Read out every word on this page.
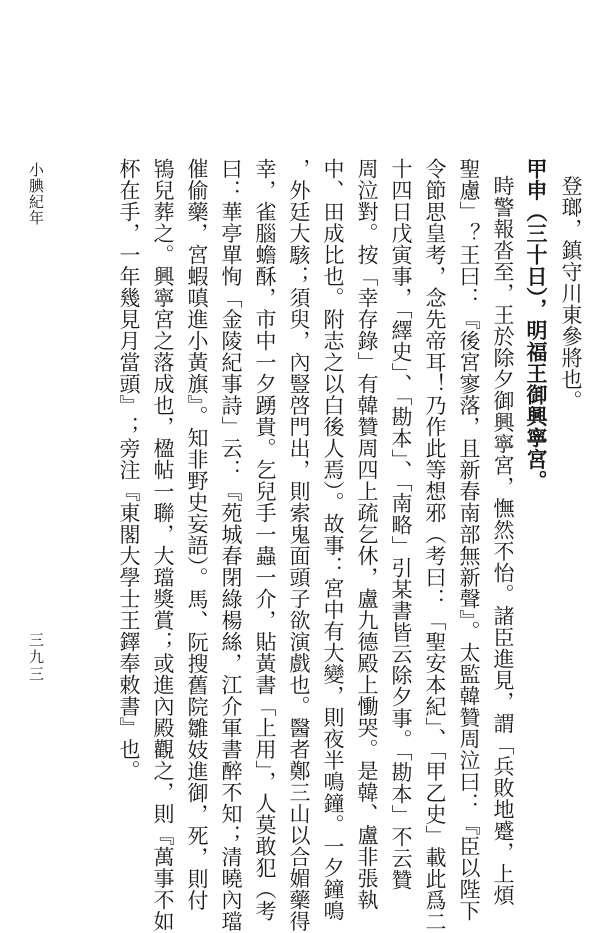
小腆紀年
三九三
登瑯，鎮守川東參將也。
甲申（三十日），明福王御興寧宮。
時警報沓至，王於除夕御興寧宮，憮然不怡。諸臣進見，謂「兵敗地蹙，上煩
聖慮」？王曰：『後宮寥落，且新春南部無新聲』。太監韓贊周泣曰：『臣以陛下
令節思皇考，念先帝耳！乃作此等想邪（考曰：「聖安本紀」、「甲乙史」載此爲二
十四日戊寅事，「繹史」、「勘本」、「南略」引某書皆云除夕事。「勘本」不云贊
周泣對。按「幸存錄」有韓贊周四上疏乞休，盧九德殿上慟哭。是韓、盧非張執
中、田成比也。附志之以白後人焉）。故事：宮中有大變，則夜半鳴鐘。一夕鐘鳴
，外廷大駭；須臾，內豎啓門出，則索鬼面頭子欲演戲也。醫者鄭三山以合媚藥得
幸，雀腦蟾酥，市中一夕踴貴。乞兒手一蟲一介，貼黃書「上用」，人莫敢犯（考
曰：華亭單恂「金陵紀事詩」云：『苑城春閉綠楊絲，江介軍書醉不知；清曉內璫
催偷藥，宮蝦嗔進小黃旗』。知非野史妄語）。馬、阮搜舊院雛妓進御，死，則付
鴇兒葬之。興寧宮之落成也，楹帖一聯，大璫獎賞；或進內殿觀之，則『萬事不如
杯在手，一年幾見月當頭』；旁注『東閣大學士王鐸奉敕書』也。
